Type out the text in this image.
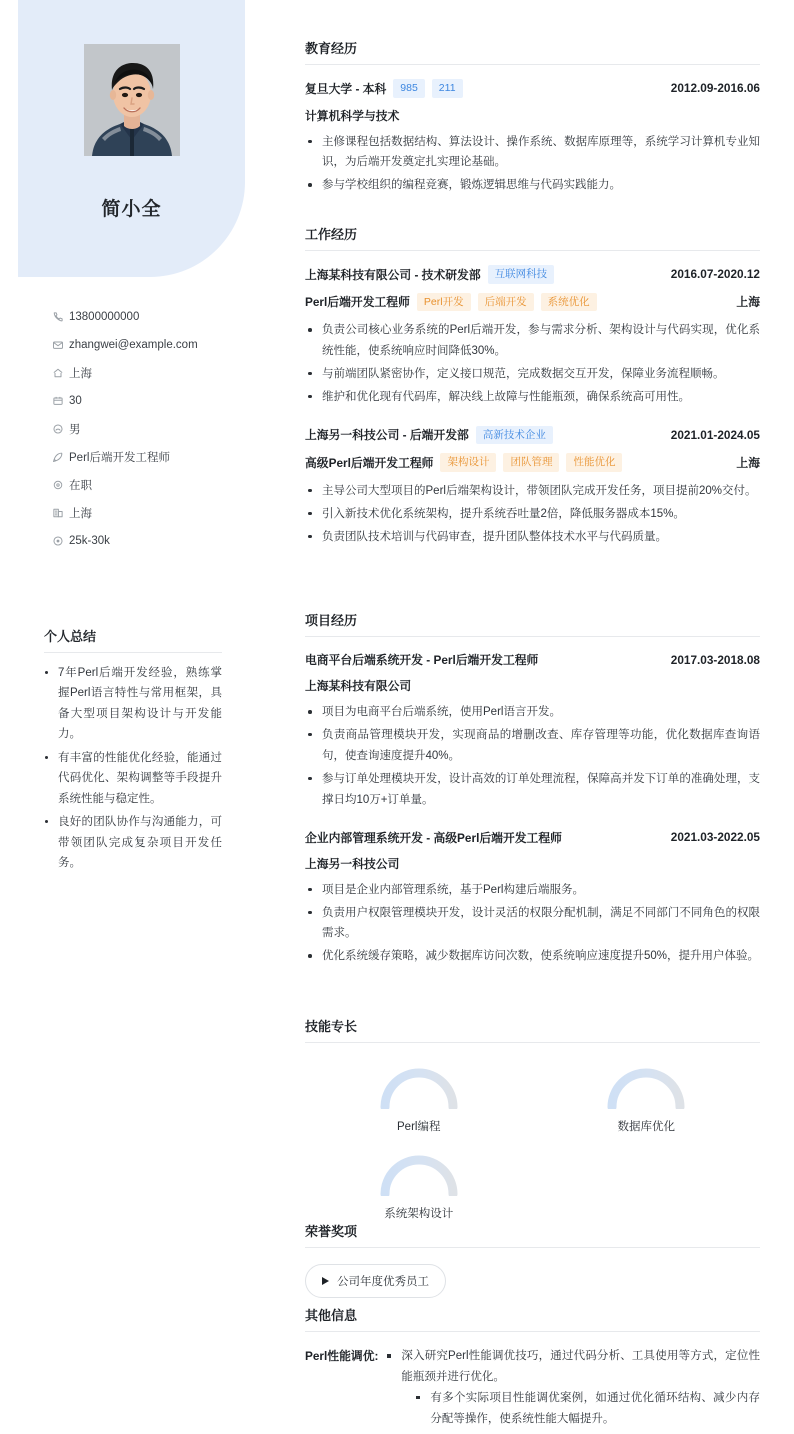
简小全
13800000000
zhangwei@example.com
上海
30
男
Perl后端开发工程师
在职
上海
25k-30k
个人总结
7年Perl后端开发经验，熟练掌握Perl语言特性与常用框架，具备大型项目架构设计与开发能力。
有丰富的性能优化经验，能通过代码优化、架构调整等手段提升系统性能与稳定性。
良好的团队协作与沟通能力，可带领团队完成复杂项目开发任务。
教育经历
复旦大学 - 本科	985	211	2012.09-2016.06
计算机科学与技术
主修课程包括数据结构、算法设计、操作系统、数据库原理等，系统学习计算机专业知识，为后端开发奠定扎实理论基础。
参与学校组织的编程竞赛，锻炼逻辑思维与代码实践能力。
工作经历
上海某科技有限公司 - 技术研发部	互联网科技	2016.07-2020.12
Perl后端开发工程师	Perl开发	后端开发	系统优化	上海
负责公司核心业务系统的Perl后端开发，参与需求分析、架构设计与代码实现，优化系统性能，使系统响应时间降低30%。
与前端团队紧密协作，定义接口规范，完成数据交互开发，保障业务流程顺畅。
维护和优化现有代码库，解决线上故障与性能瓶颈，确保系统高可用性。
上海另一科技公司 - 后端开发部	高新技术企业	2021.01-2024.05
高级Perl后端开发工程师	架构设计	团队管理	性能优化	上海
主导公司大型项目的Perl后端架构设计，带领团队完成开发任务，项目提前20%交付。
引入新技术优化系统架构，提升系统吞吐量2倍，降低服务器成本15%。
负责团队技术培训与代码审查，提升团队整体技术水平与代码质量。
项目经历
电商平台后端系统开发 - Perl后端开发工程师	2017.03-2018.08
上海某科技有限公司
项目为电商平台后端系统，使用Perl语言开发。
负责商品管理模块开发，实现商品的增删改查、库存管理等功能，优化数据库查询语句，使查询速度提升40%。
参与订单处理模块开发，设计高效的订单处理流程，保障高并发下订单的准确处理，支撑日均10万+订单量。
企业内部管理系统开发 - 高级Perl后端开发工程师	2021.03-2022.05
上海另一科技公司
项目是企业内部管理系统，基于Perl构建后端服务。
负责用户权限管理模块开发，设计灵活的权限分配机制，满足不同部门不同角色的权限需求。
优化系统缓存策略，减少数据库访问次数，使系统响应速度提升50%，提升用户体验。
技能专长
Perl编程	数据库优化
系统架构设计
荣誉奖项
公司年度优秀员工
其他信息
Perl性能调优:	深入研究Perl性能调优技巧，通过代码分析、工具使用等方式，定位性能瓶颈并进行优化。
有多个实际项目性能调优案例，如通过优化循环结构、减少内存分配等操作，使系统性能大幅提升。
